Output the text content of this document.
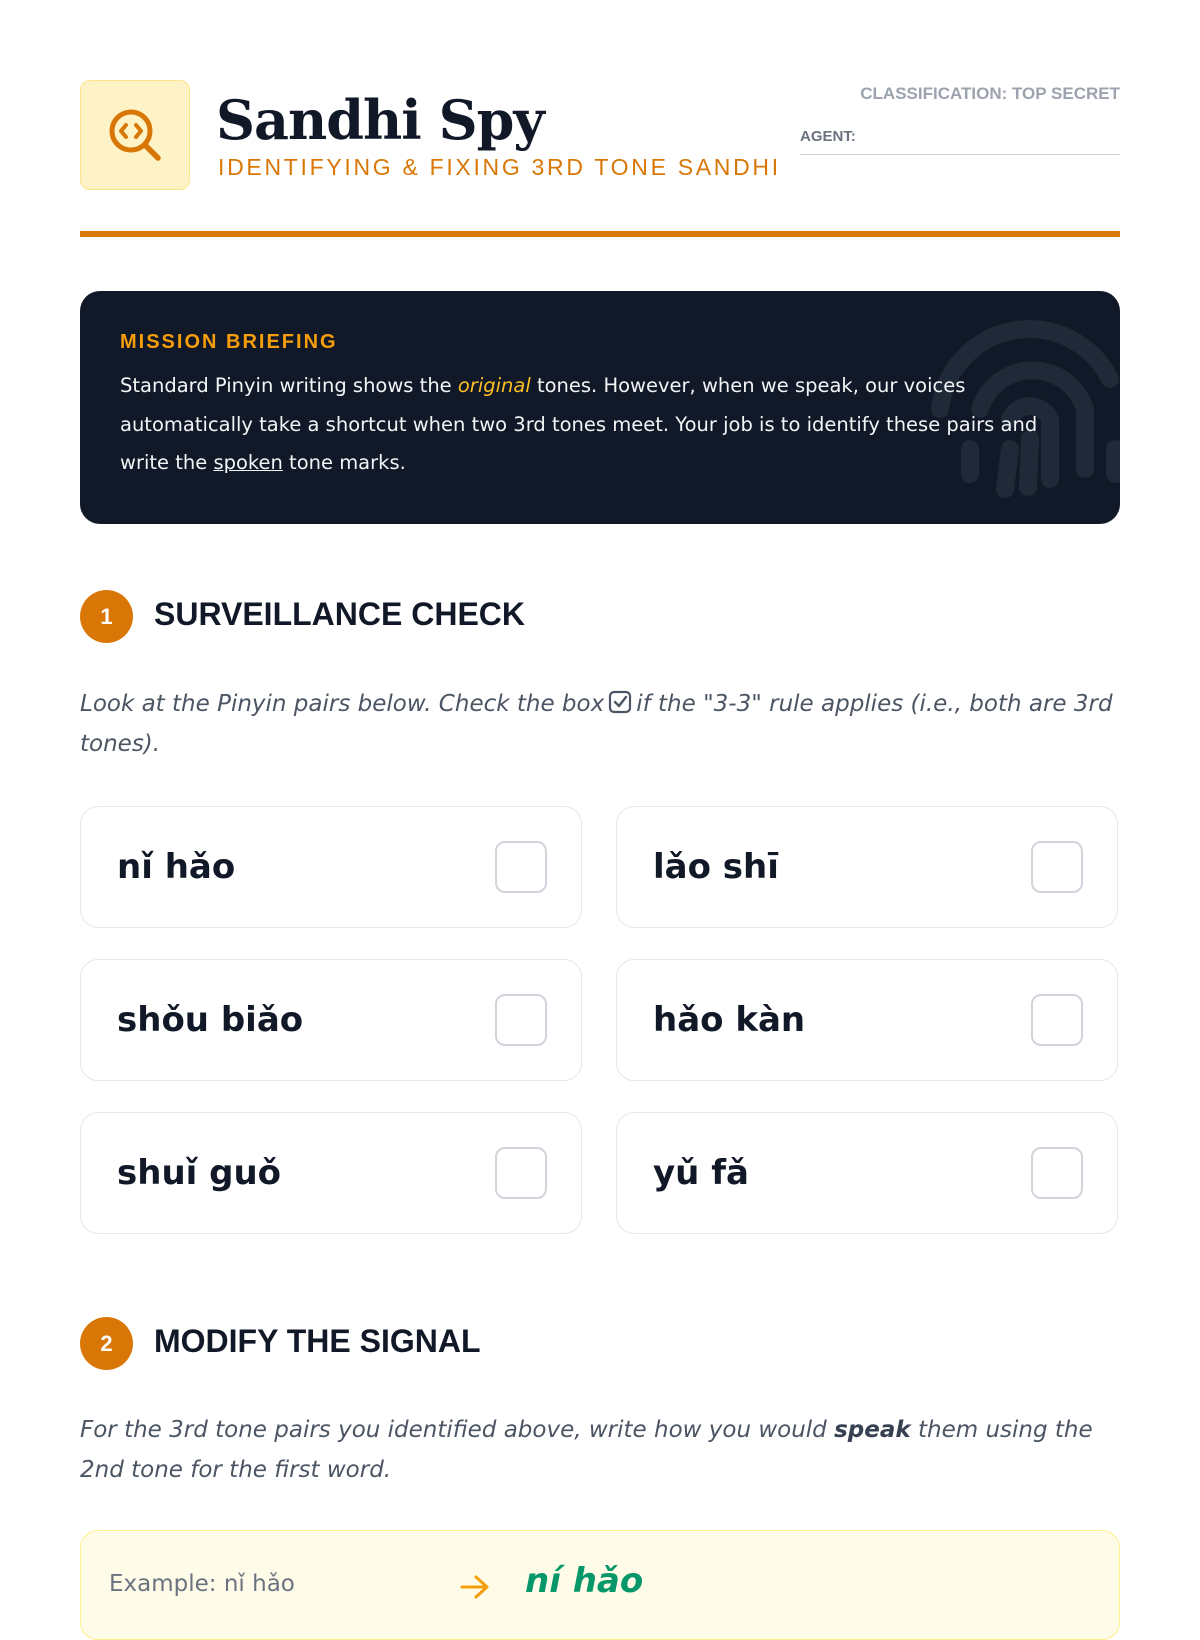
Sandhi Spy
IDENTIFYING & FIXING 3RD TONE SANDHI
CLASSIFICATION: TOP SECRET
AGENT:
MISSION BRIEFING
Standard Pinyin writing shows the original tones. However, when we speak, our voices automatically take a shortcut when two 3rd tones meet. Your job is to identify these pairs and write the spoken tone marks.
1	SURVEILLANCE CHECK
Look at the Pinyin pairs below. Check the box if the "3-3" rule applies (i.e., both are 3rd tones).
nǐ hǎo	lǎo shī
shǒu biǎo	hǎo kàn
shuǐ guǒ	yǔ fǎ
2	MODIFY THE SIGNAL
For the 3rd tone pairs you identified above, write how you would speak them using the 2nd tone for the first word.
Example: nǐ hǎo	ní hǎo
